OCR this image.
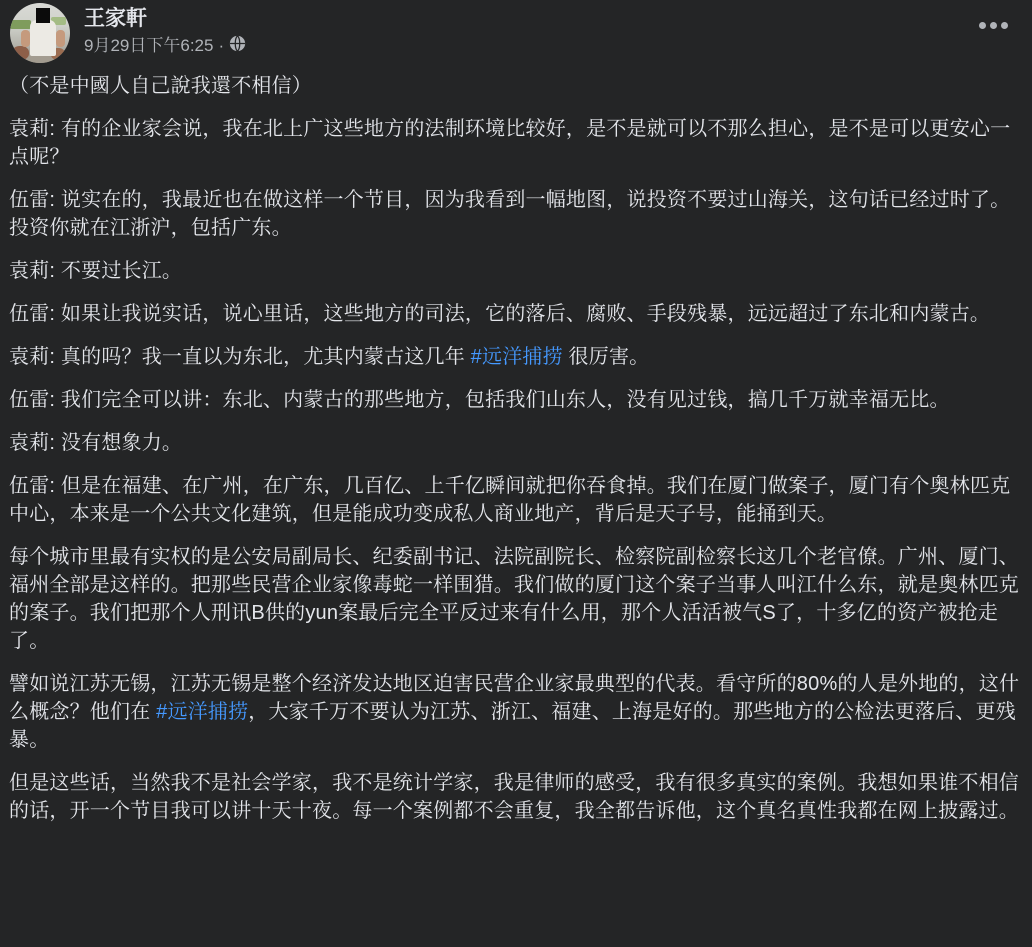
王家軒
9月29日下午6:25 ·

（不是中國人自己說我還不相信）

袁莉: 有的企业家会说，我在北上广这些地方的法制环境比较好，是不是就可以不那么担心，是不是可以更安心一点呢？

伍雷: 说实在的，我最近也在做这样一个节目，因为我看到一幅地图，说投资不要过山海关，这句话已经过时了。投资你就在江浙沪，包括广东。

袁莉: 不要过长江。

伍雷: 如果让我说实话，说心里话，这些地方的司法，它的落后、腐败、手段残暴，远远超过了东北和内蒙古。

袁莉: 真的吗？我一直以为东北，尤其内蒙古这几年 #远洋捕捞 很厉害。

伍雷: 我们完全可以讲：东北、内蒙古的那些地方，包括我们山东人，没有见过钱，搞几千万就幸福无比。

袁莉: 没有想象力。

伍雷: 但是在福建、在广州，在广东，几百亿、上千亿瞬间就把你吞食掉。我们在厦门做案子，厦门有个奥林匹克中心，本来是一个公共文化建筑，但是能成功变成私人商业地产，背后是天子号，能捅到天。

每个城市里最有实权的是公安局副局长、纪委副书记、法院副院长、检察院副检察长这几个老官僚。广州、厦门、福州全部是这样的。把那些民营企业家像毒蛇一样围猎。我们做的厦门这个案子当事人叫江什么东，就是奥林匹克的案子。我们把那个人刑讯B供的yun案最后完全平反过来有什么用，那个人活活被气S了，十多亿的资产被抢走了。

譬如说江苏无锡，江苏无锡是整个经济发达地区迫害民营企业家最典型的代表。看守所的80%的人是外地的，这什么概念？他们在 #远洋捕捞，大家千万不要认为江苏、浙江、福建、上海是好的。那些地方的公检法更落后、更残暴。

但是这些话，当然我不是社会学家，我不是统计学家，我是律师的感受，我有很多真实的案例。我想如果谁不相信的话，开一个节目我可以讲十天十夜。每一个案例都不会重复，我全都告诉他，这个真名真性我都在网上披露过。
